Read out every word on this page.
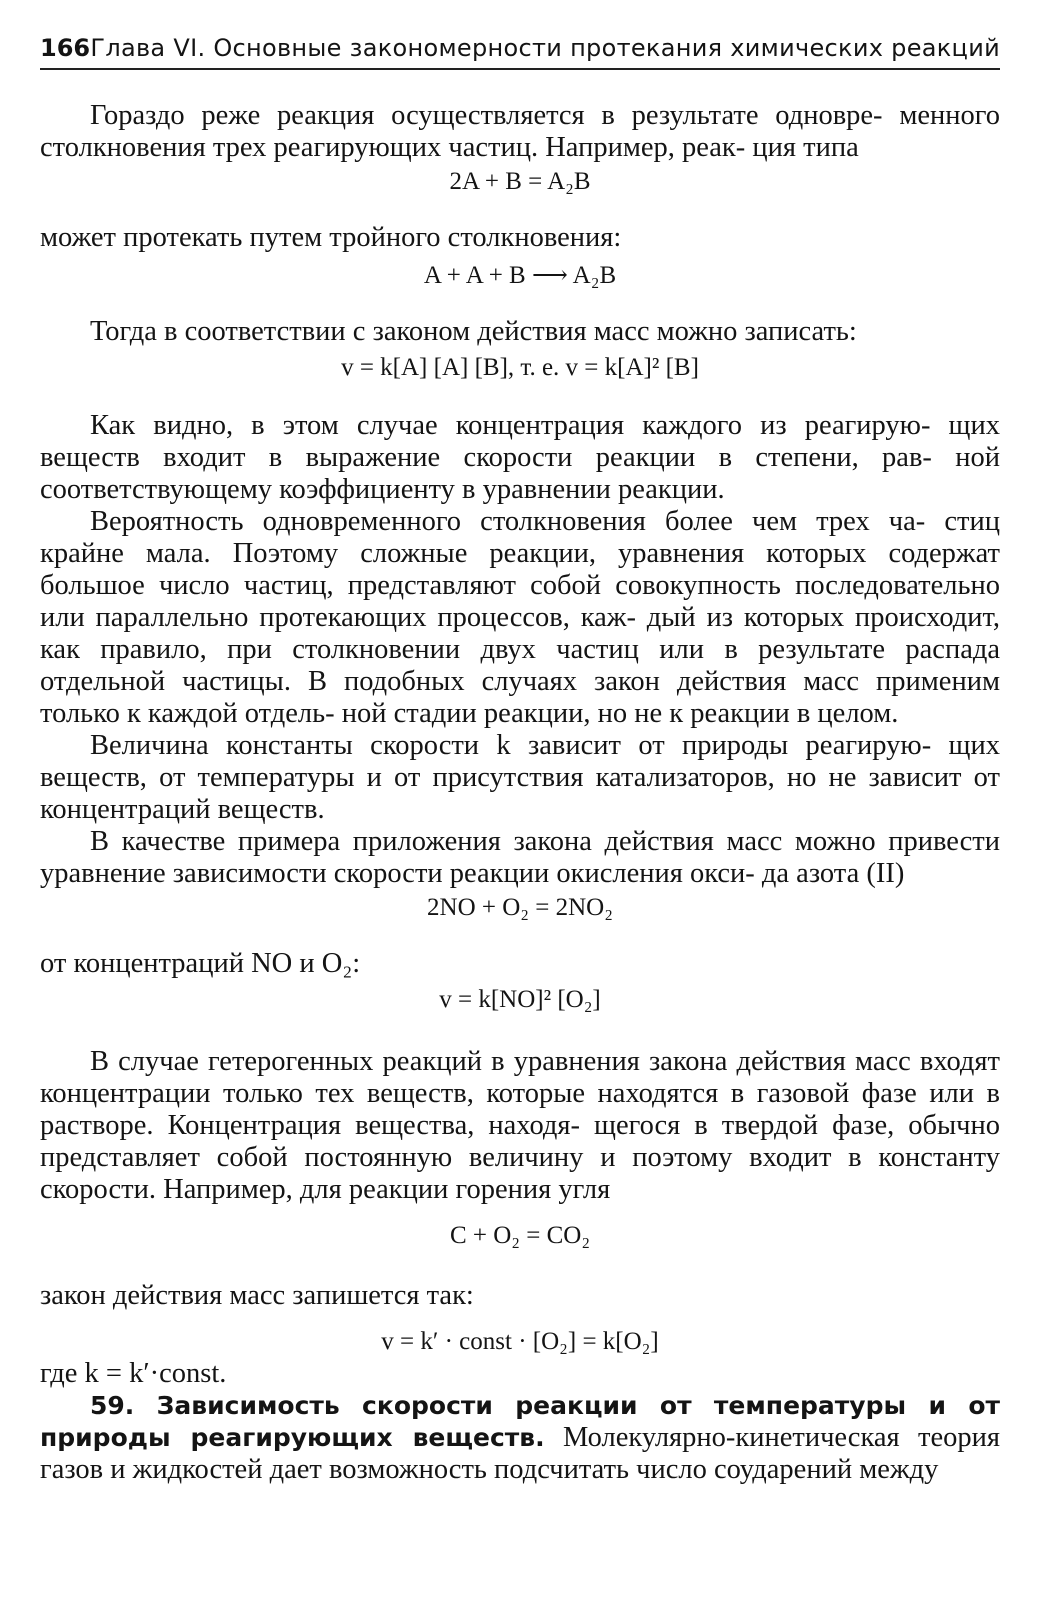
166 Глава VI. Основные закономерности протекания химических реакций

Гораздо реже реакция осуществляется в результате одновре- менного столкновения трех реагирующих частиц. Например, реак- ция типа

2A + B = A₂B

может протекать путем тройного столкновения:

A + A + B ⟶ A₂B

Тогда в соответствии с законом действия масс можно записать:

v = k[A] [A] [B], т. е. v = k[A]² [B]

Как видно, в этом случае концентрация каждого из реагирую- щих веществ входит в выражение скорости реакции в степени, рав- ной соответствующему коэффициенту в уравнении реакции.

Вероятность одновременного столкновения более чем трех ча- стиц крайне мала. Поэтому сложные реакции, уравнения которых содержат большое число частиц, представляют собой совокупность последовательно или параллельно протекающих процессов, каж- дый из которых происходит, как правило, при столкновении двух частиц или в результате распада отдельной частицы. В подобных случаях закон действия масс применим только к каждой отдель- ной стадии реакции, но не к реакции в целом.

Величина константы скорости k зависит от природы реагирую- щих веществ, от температуры и от присутствия катализаторов, но не зависит от концентраций веществ.

В качестве примера приложения закона действия масс можно привести уравнение зависимости скорости реакции окисления окси- да азота (II)

2NO + O₂ = 2NO₂

от концентраций NO и O₂:

v = k[NO]² [O₂]

В случае гетерогенных реакций в уравнения закона действия масс входят концентрации только тех веществ, которые находятся в газовой фазе или в растворе. Концентрация вещества, находя- щегося в твердой фазе, обычно представляет собой постоянную величину и поэтому входит в константу скорости. Например, для реакции горения угля

C + O₂ = CO₂

закон действия масс запишется так:

v = k′ · const · [O₂] = k[O₂]

где k = k′·const.

59. Зависимость скорости реакции от температуры и от природы реагирующих веществ. Молекулярно-кинетическая теория газов и жидкостей дает возможность подсчитать число соударений между
